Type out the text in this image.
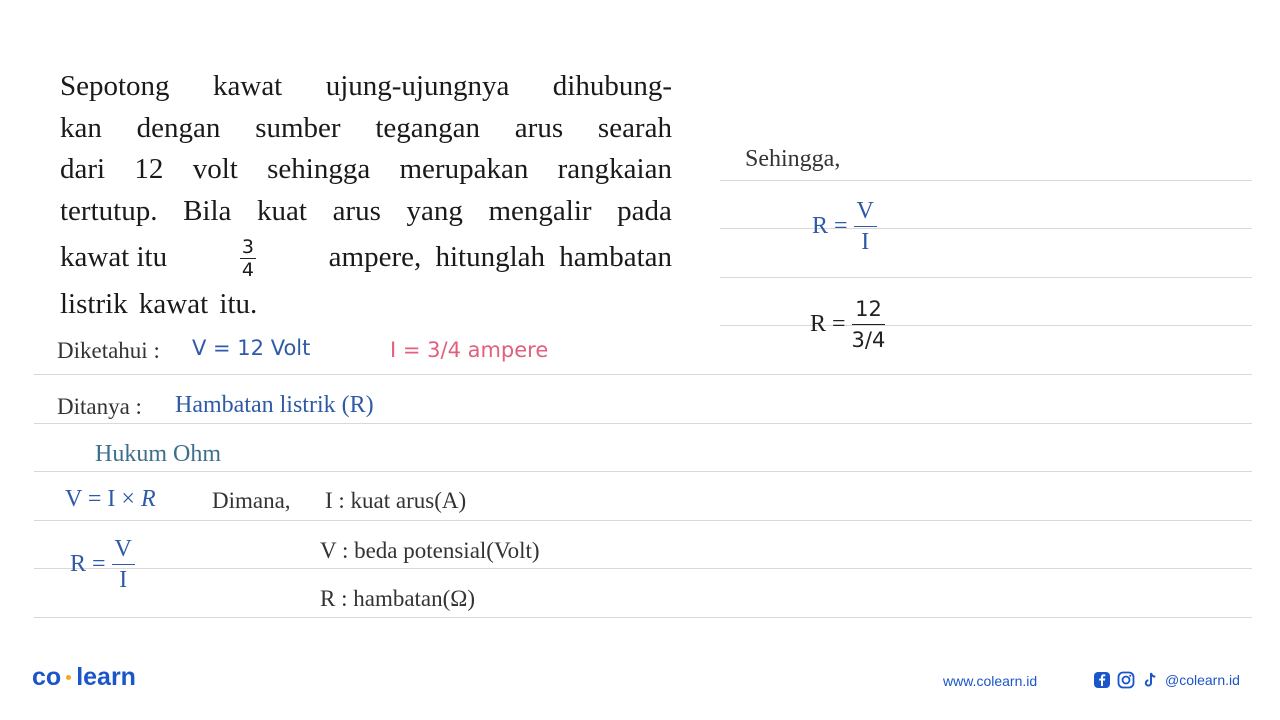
Sepotong kawat ujung-ujungnya dihubung-
kan dengan sumber tegangan arus searah
dari 12 volt sehingga merupakan rangkaian
tertutup. Bila kuat arus yang mengalir pada
kawat itu	$\frac{3}{4}$	ampere, hitunglah hambatan
listrik kawat itu.
Diketahui : V = 12 Volt	I = 3/4 ampere
Ditanya : Hambatan listrik (R)
Hukum Ohm
V = I × R
$R = \frac{V}{I}$
Dimana, I : kuat arus(A)
V : beda potensial(Volt)
R : hambatan(Ω)
Sehingga,
$R = \frac{V}{I}$
$R = \frac{12}{3/4}$
co learn	www.colearn.id	@colearn.id
